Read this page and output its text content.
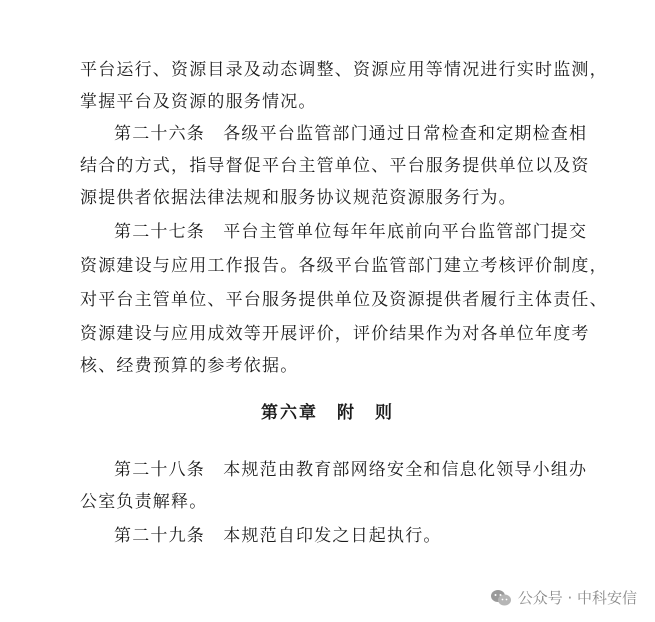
平台运行、资源目录及动态调整、资源应用等情况进行实时监测，
掌握平台及资源的服务情况。
第二十六条　各级平台监管部门通过日常检查和定期检查相
结合的方式，指导督促平台主管单位、平台服务提供单位以及资
源提供者依据法律法规和服务协议规范资源服务行为。
第二十七条　平台主管单位每年年底前向平台监管部门提交
资源建设与应用工作报告。各级平台监管部门建立考核评价制度，
对平台主管单位、平台服务提供单位及资源提供者履行主体责任、
资源建设与应用成效等开展评价，评价结果作为对各单位年度考
核、经费预算的参考依据。
第六章　附　则
第二十八条　本规范由教育部网络安全和信息化领导小组办
公室负责解释。
第二十九条　本规范自印发之日起执行。
公众号 · 中科安信
